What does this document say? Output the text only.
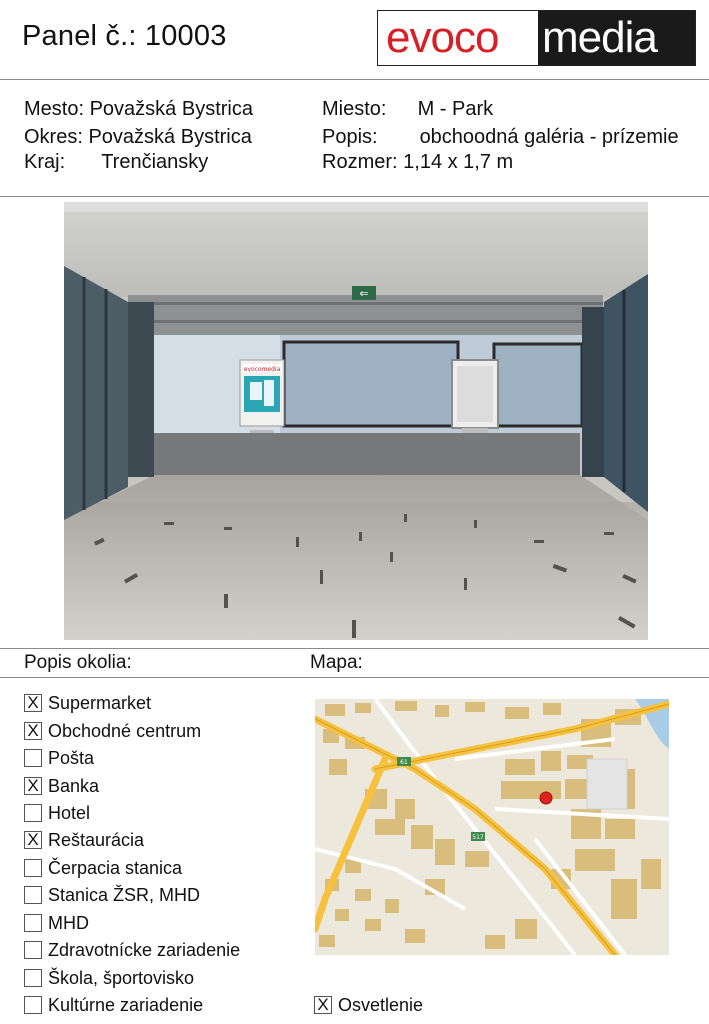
Panel č.: 10003	evoco media
Mesto: Považská Bystrica
Okres: Považská Bystrica
Kraj: Trenčiansky
Miesto: M - Park
Popis: obchoodná galéria - prízemie
Rozmer: 1,14 x 1,7 m
⇐
evocomedia
Popis okolia:	Mapa:
X Supermarket
X Obchodné centrum
Pošta
X Banka
Hotel
X Reštaurácia
Čerpacia stanica
Stanica ŽSR, MHD
MHD
Zdravotnícke zariadenie
Škola, športovisko
Kultúrne zariadenie
61
517
X Osvetlenie
